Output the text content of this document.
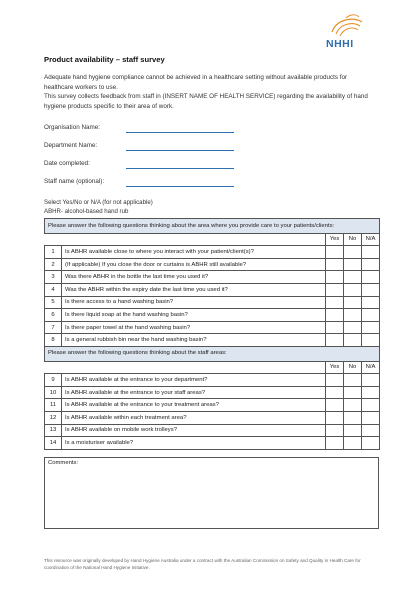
NHHI
Product availability – staff survey
Adequate hand hygiene compliance cannot be achieved in a healthcare setting without available products for healthcare workers to use.
This survey collects feedback from staff in (INSERT NAME OF HEALTH SERVICE) regarding the availability of hand hygiene products specific to their area of work.
Organisation Name:
Department Name:
Date completed:
Staff name (optional):
Select Yes/No or N/A (for not applicable)
ABHR- alcohol-based hand rub
Please answer the following questions thinking about the area where you provide care to your patients/clients:				
		Yes	No	N/A
1	Is ABHR available close to where you interact with your patient/client(s)?			
2	(If applicable) If you close the door or curtains is ABHR still available?			
3	Was there ABHR in the bottle the last time you used it?			
4	Was the ABHR within the expiry date the last time you used it?			
5	Is there access to a hand washing basin?			
6	Is there liquid soap at the hand washing basin?			
7	Is there paper towel at the hand washing basin?			
8	Is a general rubbish bin near the hand washing basin?			
Please answer the following questions thinking about the staff areas:				
		Yes	No	N/A
9	Is ABHR available at the entrance to your department?			
10	Is ABHR available at the entrance to your staff areas?			
11	Is ABHR available at the entrance to your treatment areas?			
12	Is ABHR available within each treatment area?			
13	Is ABHR available on mobile work trolleys?			
14	Is a moisturiser available?			
Comments:
This resource was originally developed by Hand Hygiene Australia under a contract with the Australian Commission on Safety and Quality in Health Care for coordination of the National Hand Hygiene Initiative.
